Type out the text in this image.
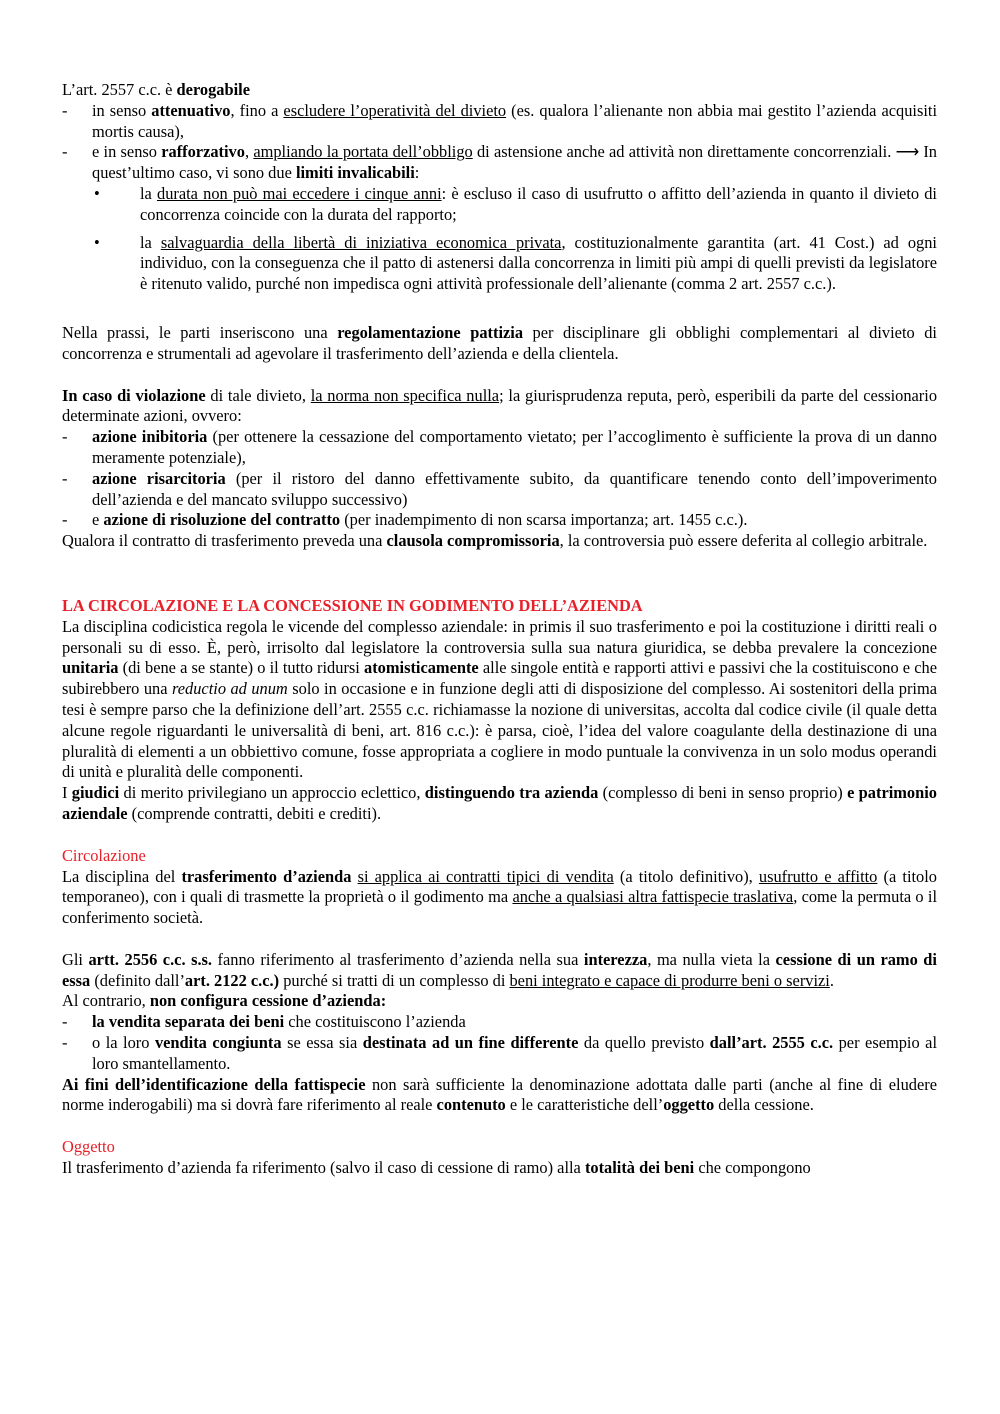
L’art. 2557 c.c. è derogabile

- in senso attenuativo, fino a escludere l’operatività del divieto (es. qualora l’alienante non abbia mai gestito l’azienda acquisiti mortis causa),
- e in senso rafforzativo, ampliando la portata dell’obbligo di astensione anche ad attività non direttamente concorrenziali. ⟶ In quest’ultimo caso, vi sono due limiti invalicabili:
• la durata non può mai eccedere i cinque anni: è escluso il caso di usufrutto o affitto dell’azienda in quanto il divieto di concorrenza coincide con la durata del rapporto;
• la salvaguardia della libertà di iniziativa economica privata, costituzionalmente garantita (art. 41 Cost.) ad ogni individuo, con la conseguenza che il patto di astenersi dalla concorrenza in limiti più ampi di quelli previsti da legislatore è ritenuto valido, purché non impedisca ogni attività professionale dell’alienante (comma 2 art. 2557 c.c.).

Nella prassi, le parti inseriscono una regolamentazione pattizia per disciplinare gli obblighi complementari al divieto di concorrenza e strumentali ad agevolare il trasferimento dell’azienda e della clientela.

In caso di violazione di tale divieto, la norma non specifica nulla; la giurisprudenza reputa, però, esperibili da parte del cessionario determinate azioni, ovvero:

- azione inibitoria (per ottenere la cessazione del comportamento vietato; per l’accoglimento è sufficiente la prova di un danno meramente potenziale),
- azione risarcitoria (per il ristoro del danno effettivamente subito, da quantificare tenendo conto dell’impoverimento dell’azienda e del mancato sviluppo successivo)
- e azione di risoluzione del contratto (per inadempimento di non scarsa importanza; art. 1455 c.c.).

Qualora il contratto di trasferimento preveda una clausola compromissoria, la controversia può essere deferita al collegio arbitrale.

LA CIRCOLAZIONE E LA CONCESSIONE IN GODIMENTO DELL’AZIENDA

La disciplina codicistica regola le vicende del complesso aziendale: in primis il suo trasferimento e poi la costituzione i diritti reali o personali su di esso. È, però, irrisolto dal legislatore la controversia sulla sua natura giuridica, se debba prevalere la concezione unitaria (di bene a se stante) o il tutto ridursi atomisticamente alle singole entità e rapporti attivi e passivi che la costituiscono e che subirebbero una reductio ad unum solo in occasione e in funzione degli atti di disposizione del complesso. Ai sostenitori della prima tesi è sempre parso che la definizione dell’art. 2555 c.c. richiamasse la nozione di universitas, accolta dal codice civile (il quale detta alcune regole riguardanti le universalità di beni, art. 816 c.c.): è parsa, cioè, l’idea del valore coagulante della destinazione di una pluralità di elementi a un obbiettivo comune, fosse appropriata a cogliere in modo puntuale la convivenza in un solo modus operandi di unità e pluralità delle componenti.

I giudici di merito privilegiano un approccio eclettico, distinguendo tra azienda (complesso di beni in senso proprio) e patrimonio aziendale (comprende contratti, debiti e crediti).

Circolazione

La disciplina del trasferimento d’azienda si applica ai contratti tipici di vendita (a titolo definitivo), usufrutto e affitto (a titolo temporaneo), con i quali di trasmette la proprietà o il godimento ma anche a qualsiasi altra fattispecie traslativa, come la permuta o il conferimento società.

Gli artt. 2556 c.c. s.s. fanno riferimento al trasferimento d’azienda nella sua interezza, ma nulla vieta la cessione di un ramo di essa (definito dall’art. 2122 c.c.) purché si tratti di un complesso di beni integrato e capace di produrre beni o servizi.

Al contrario, non configura cessione d’azienda:

- la vendita separata dei beni che costituiscono l’azienda
- o la loro vendita congiunta se essa sia destinata ad un fine differente da quello previsto dall’art. 2555 c.c. per esempio al loro smantellamento.

Ai fini dell’identificazione della fattispecie non sarà sufficiente la denominazione adottata dalle parti (anche al fine di eludere norme inderogabili) ma si dovrà fare riferimento al reale contenuto e le caratteristiche dell’oggetto della cessione.

Oggetto

Il trasferimento d’azienda fa riferimento (salvo il caso di cessione di ramo) alla totalità dei beni che compongono
